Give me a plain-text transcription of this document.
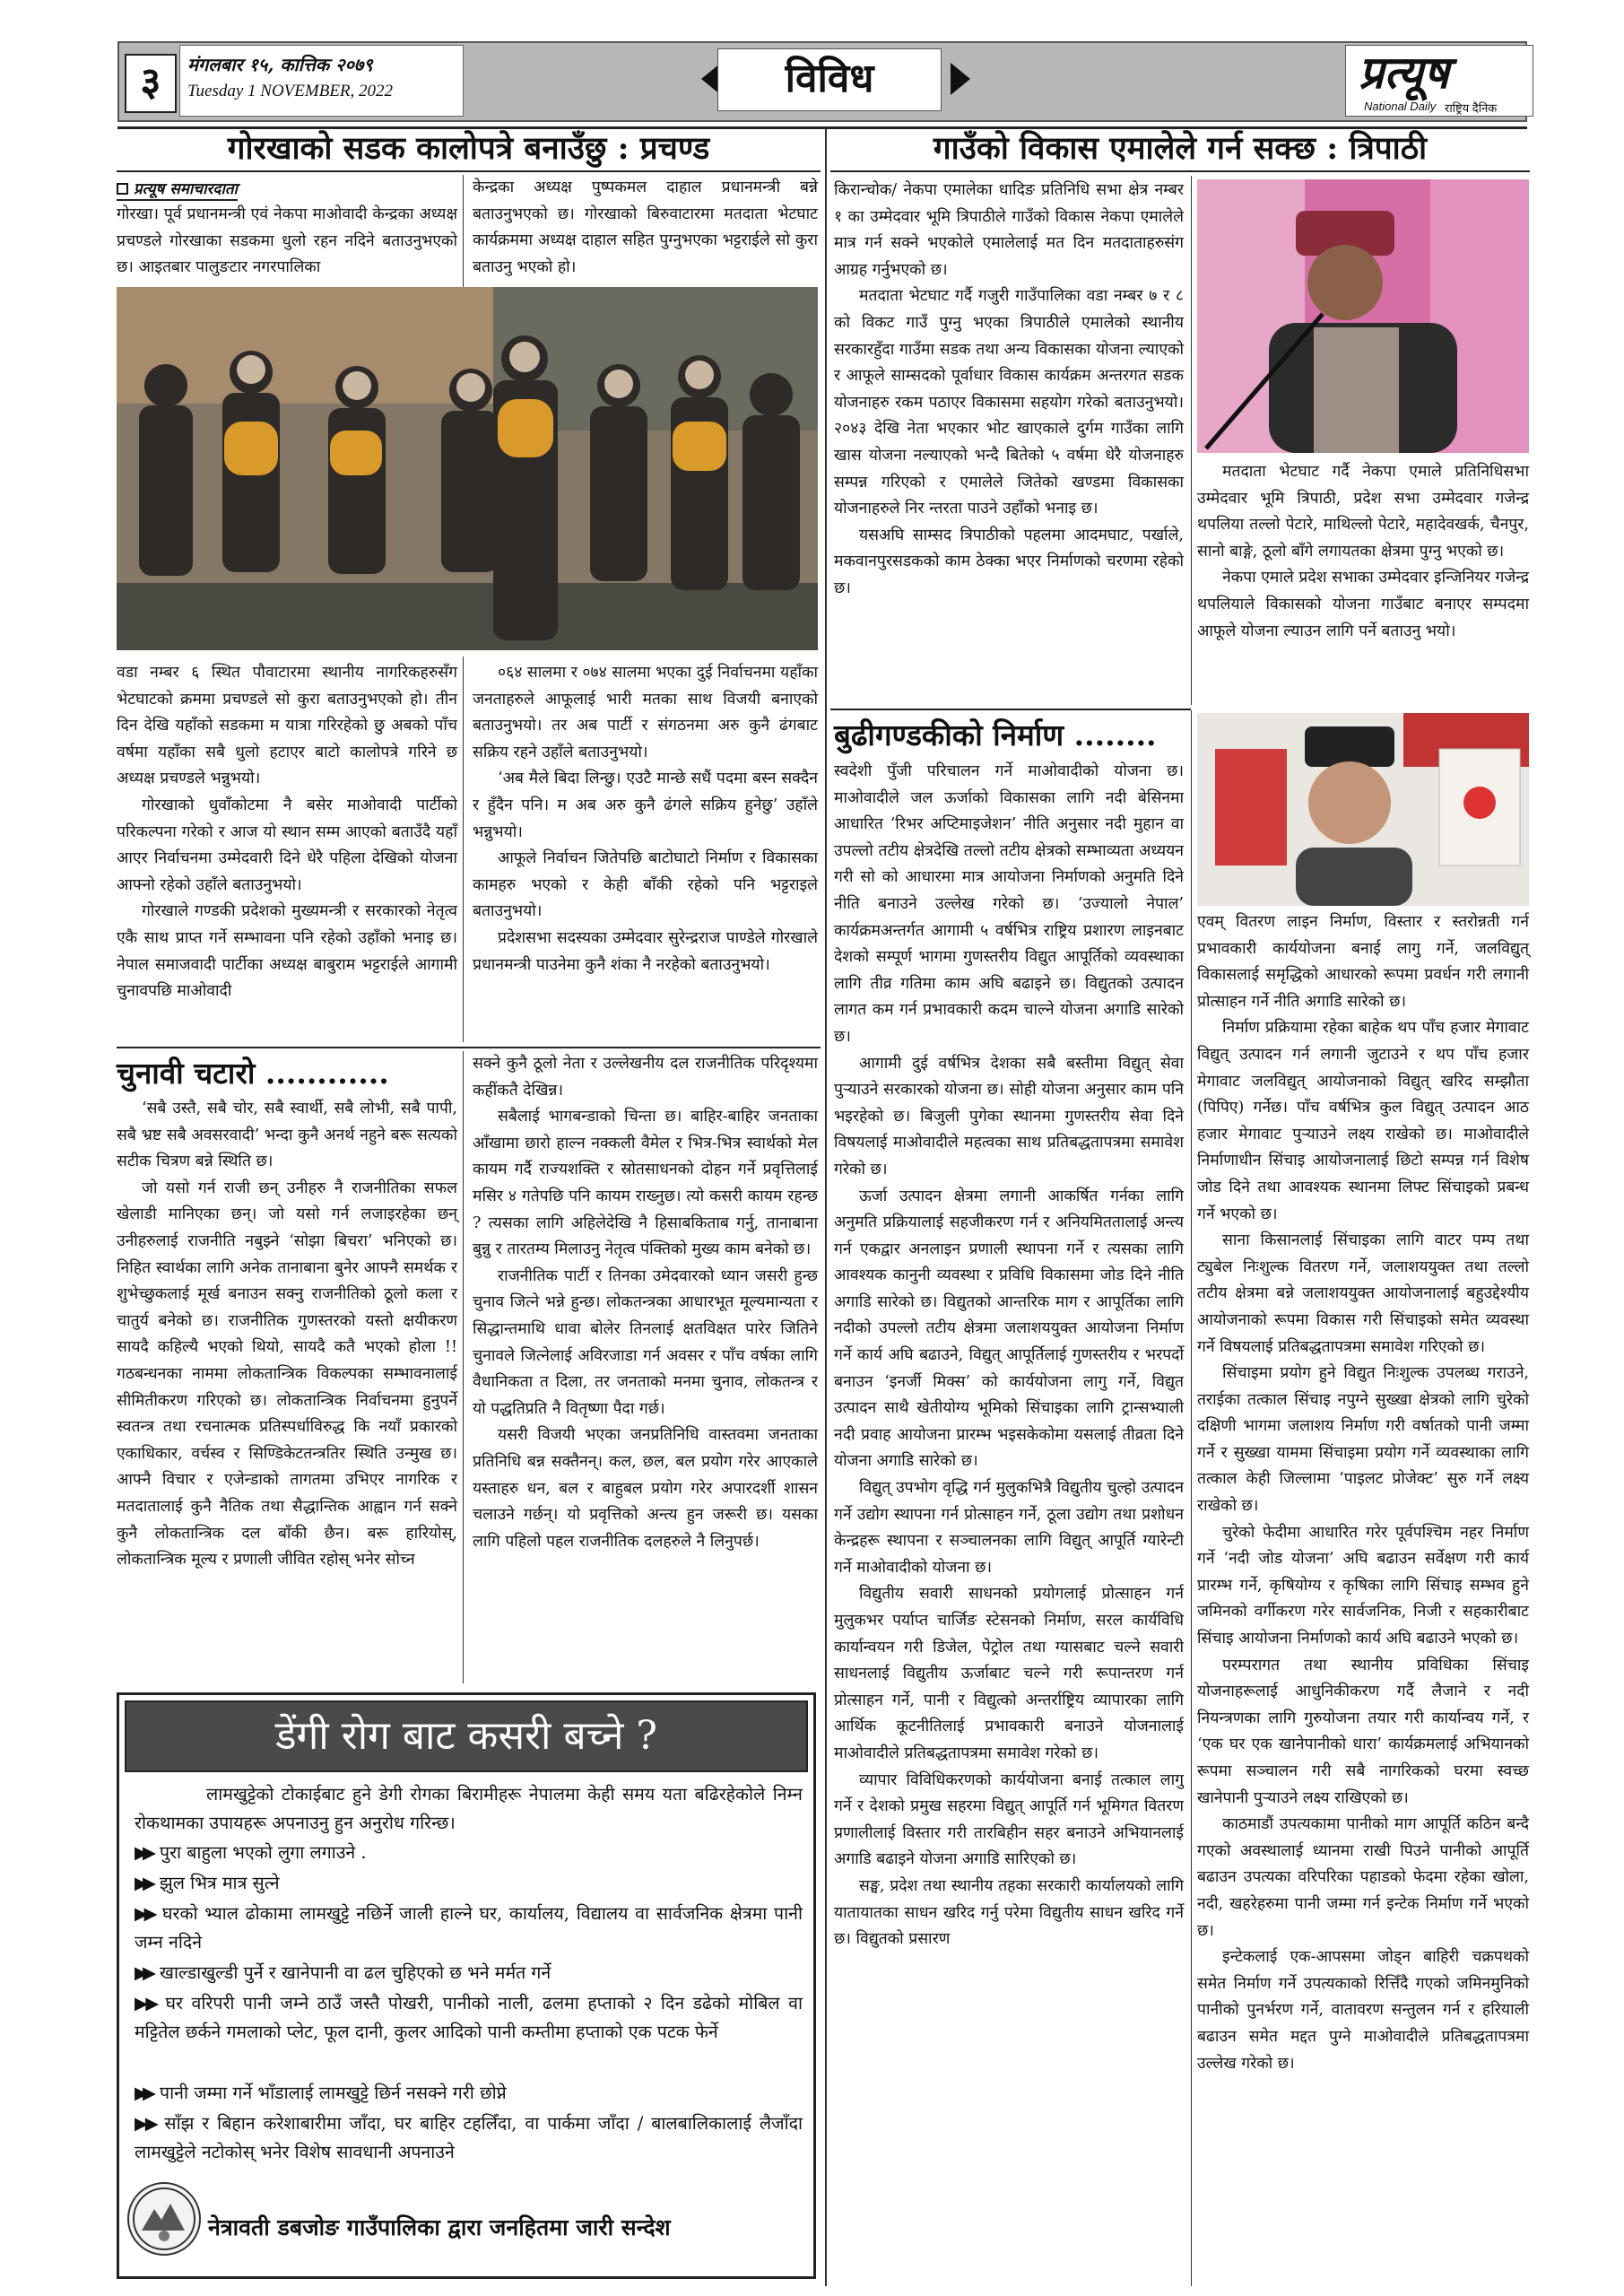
३	मंगलबार १५, कात्तिक २०७९
Tuesday 1 NOVEMBER, 2022	विविध	प्रत्यूष
National Daily राष्ट्रिय दैनिक
गोरखाको सडक कालोपत्रे बनाउँछु : प्रचण्ड
प्रत्यूष समाचारदाता

गोरखा। पूर्व प्रधानमन्त्री एवं नेकपा माओवादी केन्द्रका अध्यक्ष प्रचण्डले गोरखाका सडकमा धुलो रहन नदिने बताउनुभएको छ। आइतबार पालुङटार नगरपालिका

केन्द्रका अध्यक्ष पुष्पकमल दाहाल प्रधानमन्त्री बन्ने बताउनुभएको छ। गोरखाको बिरुवाटारमा मतदाता भेटघाट कार्यक्रममा अध्यक्ष दाहाल सहित पुग्नुभएका भट्टराईले सो कुरा बताउनु भएको हो।

वडा नम्बर ६ स्थित पौवाटारमा स्थानीय नागरिकहरुसँग भेटघाटको क्रममा प्रचण्डले सो कुरा बताउनुभएको हो। तीन दिन देखि यहाँको सडकमा म यात्रा गरिरहेको छु अबको पाँच वर्षमा यहाँका सबै धुलो हटाएर बाटो कालोपत्रे गरिने छ अध्यक्ष प्रचण्डले भन्नुभयो।

गोरखाको धुवाँकोटमा नै बसेर माओवादी पार्टीको परिकल्पना गरेको र आज यो स्थान सम्म आएको बताउँदै यहाँ आएर निर्वाचनमा उम्मेदवारी दिने धेरै पहिला देखिको योजना आफ्नो रहेको उहाँले बताउनुभयो।

गोरखाले गण्डकी प्रदेशको मुख्यमन्त्री र सरकारको नेतृत्व एकै साथ प्राप्त गर्ने सम्भावना पनि रहेको उहाँको भनाइ छ। नेपाल समाजवादी पार्टीका अध्यक्ष बाबुराम भट्टराईले आगामी चुनावपछि माओवादी

०६४ सालमा र ०७४ सालमा भएका दुई निर्वाचनमा यहाँका जनताहरुले आफूलाई भारी मतका साथ विजयी बनाएको बताउनुभयो। तर अब पार्टी र संगठनमा अरु कुनै ढंगबाट सक्रिय रहने उहाँले बताउनुभयो।

‘अब मैले बिदा लिन्छु। एउटै मान्छे सधैं पदमा बस्न सक्दैन र हुँदैन पनि। म अब अरु कुनै ढंगले सक्रिय हुनेछु’ उहाँले भन्नुभयो।

आफूले निर्वाचन जितेपछि बाटोघाटो निर्माण र विकासका कामहरु भएको र केही बाँकी रहेको पनि भट्टराइले बताउनुभयो।

प्रदेशसभा सदस्यका उम्मेदवार सुरेन्द्रराज पाण्डेले गोरखाले प्रधानमन्त्री पाउनेमा कुनै शंका नै नरहेको बताउनुभयो।

चुनावी चटारो ............

‘सबै उस्तै, सबै चोर, सबै स्वार्थी, सबै लोभी, सबै पापी, सबै भ्रष्ट सबै अवसरवादी’ भन्दा कुनै अनर्थ नहुने बरू सत्यको सटीक चित्रण बन्ने स्थिति छ।

जो यसो गर्न राजी छन् उनीहरु नै राजनीतिका सफल खेलाडी मानिएका छन्। जो यसो गर्न लजाइरहेका छन् उनीहरुलाई राजनीति नबुझ्ने ‘सोझा बिचरा’ भनिएको छ। निहित स्वार्थका लागि अनेक तानाबाना बुनेर आफ्नै समर्थक र शुभेच्छुकलाई मूर्ख बनाउन सक्नु राजनीतिको ठूलो कला र चातुर्य बनेको छ। राजनीतिक गुणस्तरको यस्तो क्षयीकरण सायदै कहिल्यै भएको थियो, सायदै कतै भएको होला !! गठबन्धनका नाममा लोकतान्त्रिक विकल्पका सम्भावनालाई सीमितीकरण गरिएको छ। लोकतान्त्रिक निर्वाचनमा हुनुपर्ने स्वतन्त्र तथा रचनात्मक प्रतिस्पर्धाविरुद्ध कि नयाँ प्रकारको एकाधिकार, वर्चस्व र सिण्डिकेटतन्त्रतिर स्थिति उन्मुख छ। आफ्नै विचार र एजेन्डाको तागतमा उभिएर नागरिक र मतदातालाई कुनै नैतिक तथा सैद्धान्तिक आह्वान गर्न सक्ने कुनै लोकतान्त्रिक दल बाँकी छैन। बरू हारियोस्, लोकतान्त्रिक मूल्य र प्रणाली जीवित रहोस् भनेर सोच्न

सक्ने कुनै ठूलो नेता र उल्लेखनीय दल राजनीतिक परिदृश्यमा कहींकतै देखिन्न।

सबैलाई भागबन्डाको चिन्ता छ। बाहिर-बाहिर जनताका आँखामा छारो हाल्न नक्कली वैमेल र भित्र-भित्र स्वार्थको मेल कायम गर्दै राज्यशक्ति र स्रोतसाधनको दोहन गर्ने प्रवृत्तिलाई मसिर ४ गतेपछि पनि कायम राख्नुछ। त्यो कसरी कायम रहन्छ ? त्यसका लागि अहिलेदेखि नै हिसाबकिताब गर्नु, तानाबाना बुन्नु र तारतम्य मिलाउनु नेतृत्व पंक्तिको मुख्य काम बनेको छ।

राजनीतिक पार्टी र तिनका उमेदवारको ध्यान जसरी हुन्छ चुनाव जित्ने भन्ने हुन्छ। लोकतन्त्रका आधारभूत मूल्यमान्यता र सिद्धान्तमाथि धावा बोलेर तिनलाई क्षतविक्षत पारेर जितिने चुनावले जित्नेलाई अविरजाडा गर्न अवसर र पाँच वर्षका लागि वैधानिकता त दिला, तर जनताको मनमा चुनाव, लोकतन्त्र र यो पद्धतिप्रति नै वितृष्णा पैदा गर्छ।

यसरी विजयी भएका जनप्रतिनिधि वास्तवमा जनताका प्रतिनिधि बन्न सक्तैनन्। कल, छल, बल प्रयोग गरेर आएकाले यस्ताहरु धन, बल र बाहुबल प्रयोग गरेर अपारदर्शी शासन चलाउने गर्छन्। यो प्रवृत्तिको अन्त्य हुन जरूरी छ। यसका लागि पहिलो पहल राजनीतिक दलहरुले नै लिनुपर्छ।

डेंगी रोग बाट कसरी बच्ने ?
लामखुट्टेको टोकाईबाट हुने डेगी रोगका बिरामीहरू नेपालमा केही समय यता बढिरहेकोले निम्न रोकथामका उपायहरू अपनाउनु हुन अनुरोध गरिन्छ।
▶▶ पुरा बाहुला भएको लुगा लगाउने .
▶▶ झुल भित्र मात्र सुत्ने
▶▶ घरको भ्याल ढोकामा लामखुट्टे नछिर्ने जाली हाल्ने घर, कार्यालय, विद्यालय वा सार्वजनिक क्षेत्रमा पानी जम्न नदिने
▶▶ खाल्डाखुल्डी पुर्ने र खानेपानी वा ढल चुहिएको छ भने मर्मत गर्ने
▶▶ घर वरिपरी पानी जम्ने ठाउँ जस्तै पोखरी, पानीको नाली, ढलमा हप्ताको २ दिन डढेको मोबिल वा मट्टितेल छर्कने गमलाको प्लेट, फूल दानी, कुलर आदिको पानी कम्तीमा हप्ताको एक पटक फेर्ने
▶▶ पानी जम्मा गर्ने भाँडालाई लामखुट्टे छिर्न नसक्ने गरी छोप्ने
▶▶ साँझ र बिहान करेशाबारीमा जाँदा, घर बाहिर टहलिँदा, वा पार्कमा जाँदा / बालबालिकालाई लैजाँदा लामखुट्टेले नटोकोस् भनेर विशेष सावधानी अपनाउने
नेत्रावती डबजोङ गाउँपालिका द्वारा जनहितमा जारी सन्देश
गाउँको विकास एमालेले गर्न सक्छ : त्रिपाठी

किरान्चोक/ नेकपा एमालेका धादिङ प्रतिनिधि सभा क्षेत्र नम्बर १ का उम्मेदवार भूमि त्रिपाठीले गाउँको विकास नेकपा एमालेले मात्र गर्न सक्ने भएकोले एमालेलाई मत दिन मतदाताहरुसंग आग्रह गर्नुभएको छ।

मतदाता भेटघाट गर्दै गजुरी गाउँपालिका वडा नम्बर ७ र ८ को विकट गाउँ पुग्नु भएका त्रिपाठीले एमालेको स्थानीय सरकारहुँदा गाउँमा सडक तथा अन्य विकासका योजना ल्याएको र आफूले साम्सदको पूर्वाधार विकास कार्यक्रम अन्तरगत सडक योजनाहरु रकम पठाएर विकासमा सहयोग गरेको बताउनुभयो। २०४३ देखि नेता भएकार भोट खाएकाले दुर्गम गाउँका लागि खास योजना नल्याएको भन्दै बितेको ५ वर्षमा धेरै योजनाहरु सम्पन्न गरिएको र एमालेले जितेको खण्डमा विकासका योजनाहरुले निर न्तरता पाउने उहाँको भनाइ छ।

यसअघि साम्सद त्रिपाठीको पहलमा आदमघाट, पर्खाले, मकवानपुरसडकको काम ठेक्का भएर निर्माणको चरणमा रहेको छ।

मतदाता भेटघाट गर्दै नेकपा एमाले प्रतिनिधिसभा उम्मेदवार भूमि त्रिपाठी, प्रदेश सभा उम्मेदवार गजेन्द्र थपलिया तल्लो पेटारे, माथिल्लो पेटारे, महादेवखर्क, चैनपुर, सानो बाङ्गे, ठूलो बाँगे लगायतका क्षेत्रमा पुग्नु भएको छ।

नेकपा एमाले प्रदेश सभाका उम्मेदवार इन्जिनियर गजेन्द्र थपलियाले विकासको योजना गाउँबाट बनाएर सम्पदमा आफूले योजना ल्याउन लागि पर्ने बताउनु भयो।

बुढीगण्डकीको निर्माण ........

स्वदेशी पुँजी परिचालन गर्ने माओवादीको योजना छ। माओवादीले जल ऊर्जाको विकासका लागि नदी बेसिनमा आधारित ‘रिभर अप्टिमाइजेशन’ नीति अनुसार नदी मुहान वा उपल्लो तटीय क्षेत्रदेखि तल्लो तटीय क्षेत्रको सम्भाव्यता अध्ययन गरी सो को आधारमा मात्र आयोजना निर्माणको अनुमति दिने नीति बनाउने उल्लेख गरेको छ। ‘उज्यालो नेपाल’ कार्यक्रमअन्तर्गत आगामी ५ वर्षभित्र राष्ट्रिय प्रशारण लाइनबाट देशको सम्पूर्ण भागमा गुणस्तरीय विद्युत आपूर्तिको व्यवस्थाका लागि तीव्र गतिमा काम अघि बढाइने छ। विद्युतको उत्पादन लागत कम गर्न प्रभावकारी कदम चाल्ने योजना अगाडि सारेको छ।

आगामी दुई वर्षभित्र देशका सबै बस्तीमा विद्युत् सेवा पुऱ्याउने सरकारको योजना छ। सोही योजना अनुसार काम पनि भइरहेको छ। बिजुली पुगेका स्थानमा गुणस्तरीय सेवा दिने विषयलाई माओवादीले महत्वका साथ प्रतिबद्धतापत्रमा समावेश गरेको छ।

ऊर्जा उत्पादन क्षेत्रमा लगानी आकर्षित गर्नका लागि अनुमति प्रक्रियालाई सहजीकरण गर्न र अनियमिततालाई अन्त्य गर्न एकद्वार अनलाइन प्रणाली स्थापना गर्ने र त्यसका लागि आवश्यक कानुनी व्यवस्था र प्रविधि विकासमा जोड दिने नीति अगाडि सारेको छ। विद्युतको आन्तरिक माग र आपूर्तिका लागि नदीको उपल्लो तटीय क्षेत्रमा जलाशययुक्त आयोजना निर्माण गर्ने कार्य अघि बढाउने, विद्युत् आपूर्तिलाई गुणस्तरीय र भरपर्दो बनाउन ‘इनर्जी मिक्स’ को कार्ययोजना लागु गर्ने, विद्युत उत्पादन साथै खेतीयोग्य भूमिको सिंचाइका लागि ट्रान्सभ्याली नदी प्रवाह आयोजना प्रारम्भ भइसकेकोमा यसलाई तीव्रता दिने योजना अगाडि सारेको छ।

विद्युत् उपभोग वृद्धि गर्न मुलुकभित्रै विद्युतीय चुल्हो उत्पादन गर्ने उद्योग स्थापना गर्न प्रोत्साहन गर्ने, ठूला उद्योग तथा प्रशोधन केन्द्रहरू स्थापना र सञ्चालनका लागि विद्युत् आपूर्ति ग्यारेन्टी गर्ने माओवादीको योजना छ।

विद्युतीय सवारी साधनको प्रयोगलाई प्रोत्साहन गर्न मुलुकभर पर्याप्त चार्जिङ स्टेसनको निर्माण, सरल कार्यविधि कार्यान्वयन गरी डिजेल, पेट्रोल तथा ग्यासबाट चल्ने सवारी साधनलाई विद्युतीय ऊर्जाबाट चल्ने गरी रूपान्तरण गर्न प्रोत्साहन गर्ने, पानी र विद्युत्को अन्तर्राष्ट्रिय व्यापारका लागि आर्थिक कूटनीतिलाई प्रभावकारी बनाउने योजनालाई माओवादीले प्रतिबद्धतापत्रमा समावेश गरेको छ।

व्यापार विविधिकरणको कार्ययोजना बनाई तत्काल लागु गर्ने र देशको प्रमुख सहरमा विद्युत् आपूर्ति गर्न भूमिगत वितरण प्रणालीलाई विस्तार गरी तारबिहीन सहर बनाउने अभियानलाई अगाडि बढाइने योजना अगाडि सारिएको छ।

सङ्घ, प्रदेश तथा स्थानीय तहका सरकारी कार्यालयको लागि यातायातका साधन खरिद गर्नु परेमा विद्युतीय साधन खरिद गर्ने छ। विद्युतको प्रसारण

एवम् वितरण लाइन निर्माण, विस्तार र स्तरोन्नती गर्न प्रभावकारी कार्ययोजना बनाई लागु गर्ने, जलविद्युत् विकासलाई समृद्धिको आधारको रूपमा प्रवर्धन गरी लगानी प्रोत्साहन गर्ने नीति अगाडि सारेको छ।

निर्माण प्रक्रियामा रहेका बाहेक थप पाँच हजार मेगावाट विद्युत् उत्पादन गर्न लगानी जुटाउने र थप पाँच हजार मेगावाट जलविद्युत् आयोजनाको विद्युत् खरिद सम्झौता (पिपिए) गर्नेछ। पाँच वर्षभित्र कुल विद्युत् उत्पादन आठ हजार मेगावाट पुऱ्याउने लक्ष्य राखेको छ। माओवादीले निर्माणाधीन सिंचाइ आयोजनालाई छिटो सम्पन्न गर्न विशेष जोड दिने तथा आवश्यक स्थानमा लिफ्ट सिंचाइको प्रबन्ध गर्ने भएको छ।

साना किसानलाई सिंचाइका लागि वाटर पम्प तथा ट्युबेल निःशुल्क वितरण गर्ने, जलाशययुक्त तथा तल्लो तटीय क्षेत्रमा बन्ने जलाशययुक्त आयोजनालाई बहुउद्देश्यीय आयोजनाको रूपमा विकास गरी सिंचाइको समेत व्यवस्था गर्ने विषयलाई प्रतिबद्धतापत्रमा समावेश गरिएको छ।

सिंचाइमा प्रयोग हुने विद्युत निःशुल्क उपलब्ध गराउने, तराईका तत्काल सिंचाइ नपुग्ने सुख्खा क्षेत्रको लागि चुरेको दक्षिणी भागमा जलाशय निर्माण गरी वर्षातको पानी जम्मा गर्ने र सुख्खा याममा सिंचाइमा प्रयोग गर्ने व्यवस्थाका लागि तत्काल केही जिल्लामा ‘पाइलट प्रोजेक्ट’ सुरु गर्ने लक्ष्य राखेको छ।

चुरेको फेदीमा आधारित गरेर पूर्वपश्चिम नहर निर्माण गर्ने ‘नदी जोड योजना’ अघि बढाउन सर्वेक्षण गरी कार्य प्रारम्भ गर्ने, कृषियोग्य र कृषिका लागि सिंचाइ सम्भव हुने जमिनको वर्गीकरण गरेर सार्वजनिक, निजी र सहकारीबाट सिंचाइ आयोजना निर्माणको कार्य अघि बढाउने भएको छ।

परम्परागत तथा स्थानीय प्रविधिका सिंचाइ योजनाहरूलाई आधुनिकीकरण गर्दै लैजाने र नदी नियन्त्रणका लागि गुरुयोजना तयार गरी कार्यान्वय गर्ने, र ‘एक घर एक खानेपानीको धारा’ कार्यक्रमलाई अभियानको रूपमा सञ्चालन गरी सबै नागरिकको घरमा स्वच्छ खानेपानी पुऱ्याउने लक्ष्य राखिएको छ।

काठमाडौं उपत्यकामा पानीको माग आपूर्ति कठिन बन्दै गएको अवस्थालाई ध्यानमा राखी पिउने पानीको आपूर्ति बढाउन उपत्यका वरिपरिका पहाडको फेदमा रहेका खोला, नदी, खहरेहरुमा पानी जम्मा गर्न इन्टेक निर्माण गर्ने भएको छ।

इन्टेकलाई एक-आपसमा जोड्न बाहिरी चक्रपथको समेत निर्माण गर्ने उपत्यकाको रित्तिँदै गएको जमिनमुनिको पानीको पुनर्भरण गर्ने, वातावरण सन्तुलन गर्न र हरियाली बढाउन समेत मद्दत पुग्ने माओवादीले प्रतिबद्धतापत्रमा उल्लेख गरेको छ।
